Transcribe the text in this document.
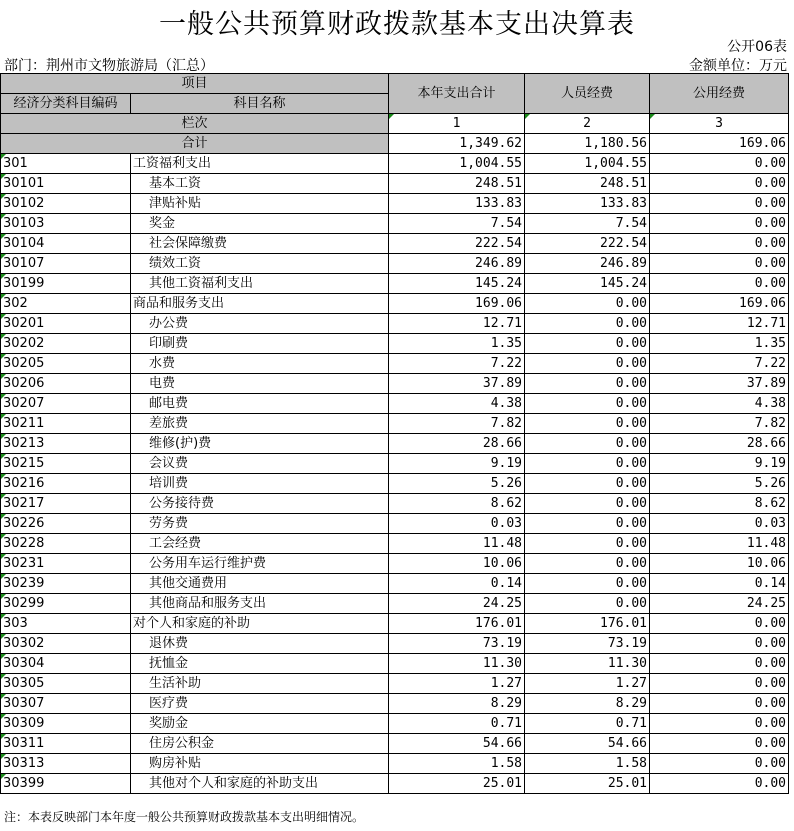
一般公共预算财政拨款基本支出决算表
公开06表
部门：荆州市文物旅游局（汇总）	金额单位：万元
项目		本年支出合计	人员经费	公用经费
经济分类科目编码	科目名称			
栏次		1	2	3
合计		1,349.62	1,180.56	169.06
301	工资福利支出	1,004.55	1,004.55	0.00
30101	基本工资	248.51	248.51	0.00
30102	津贴补贴	133.83	133.83	0.00
30103	奖金	7.54	7.54	0.00
30104	社会保障缴费	222.54	222.54	0.00
30107	绩效工资	246.89	246.89	0.00
30199	其他工资福利支出	145.24	145.24	0.00
302	商品和服务支出	169.06	0.00	169.06
30201	办公费	12.71	0.00	12.71
30202	印刷费	1.35	0.00	1.35
30205	水费	7.22	0.00	7.22
30206	电费	37.89	0.00	37.89
30207	邮电费	4.38	0.00	4.38
30211	差旅费	7.82	0.00	7.82
30213	维修(护)费	28.66	0.00	28.66
30215	会议费	9.19	0.00	9.19
30216	培训费	5.26	0.00	5.26
30217	公务接待费	8.62	0.00	8.62
30226	劳务费	0.03	0.00	0.03
30228	工会经费	11.48	0.00	11.48
30231	公务用车运行维护费	10.06	0.00	10.06
30239	其他交通费用	0.14	0.00	0.14
30299	其他商品和服务支出	24.25	0.00	24.25
303	对个人和家庭的补助	176.01	176.01	0.00
30302	退休费	73.19	73.19	0.00
30304	抚恤金	11.30	11.30	0.00
30305	生活补助	1.27	1.27	0.00
30307	医疗费	8.29	8.29	0.00
30309	奖励金	0.71	0.71	0.00
30311	住房公积金	54.66	54.66	0.00
30313	购房补贴	1.58	1.58	0.00
30399	其他对个人和家庭的补助支出	25.01	25.01	0.00
注：本表反映部门本年度一般公共预算财政拨款基本支出明细情况。
